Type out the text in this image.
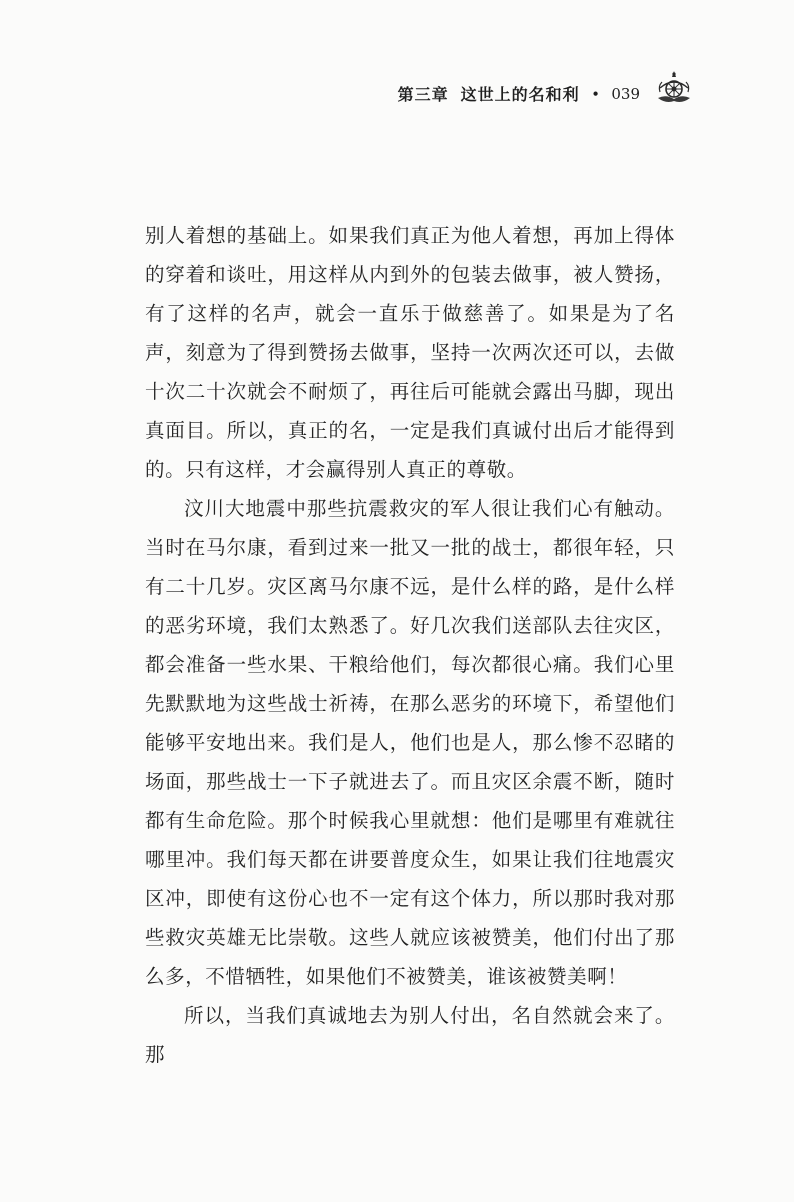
第三章 这世上的名和利 • 039

别人着想的基础上。如果我们真正为他人着想，再加上得体的穿着和谈吐，用这样从内到外的包装去做事，被人赞扬，有了这样的名声，就会一直乐于做慈善了。如果是为了名声，刻意为了得到赞扬去做事，坚持一次两次还可以，去做十次二十次就会不耐烦了，再往后可能就会露出马脚，现出真面目。所以，真正的名，一定是我们真诚付出后才能得到的。只有这样，才会赢得别人真正的尊敬。

汶川大地震中那些抗震救灾的军人很让我们心有触动。当时在马尔康，看到过来一批又一批的战士，都很年轻，只有二十几岁。灾区离马尔康不远，是什么样的路，是什么样的恶劣环境，我们太熟悉了。好几次我们送部队去往灾区，都会准备一些水果、干粮给他们，每次都很心痛。我们心里先默默地为这些战士祈祷，在那么恶劣的环境下，希望他们能够平安地出来。我们是人，他们也是人，那么惨不忍睹的场面，那些战士一下子就进去了。而且灾区余震不断，随时都有生命危险。那个时候我心里就想：他们是哪里有难就往哪里冲。我们每天都在讲要普度众生，如果让我们往地震灾区冲，即使有这份心也不一定有这个体力，所以那时我对那些救灾英雄无比崇敬。这些人就应该被赞美，他们付出了那么多，不惜牺牲，如果他们不被赞美，谁该被赞美啊！

所以，当我们真诚地去为别人付出，名自然就会来了。那
